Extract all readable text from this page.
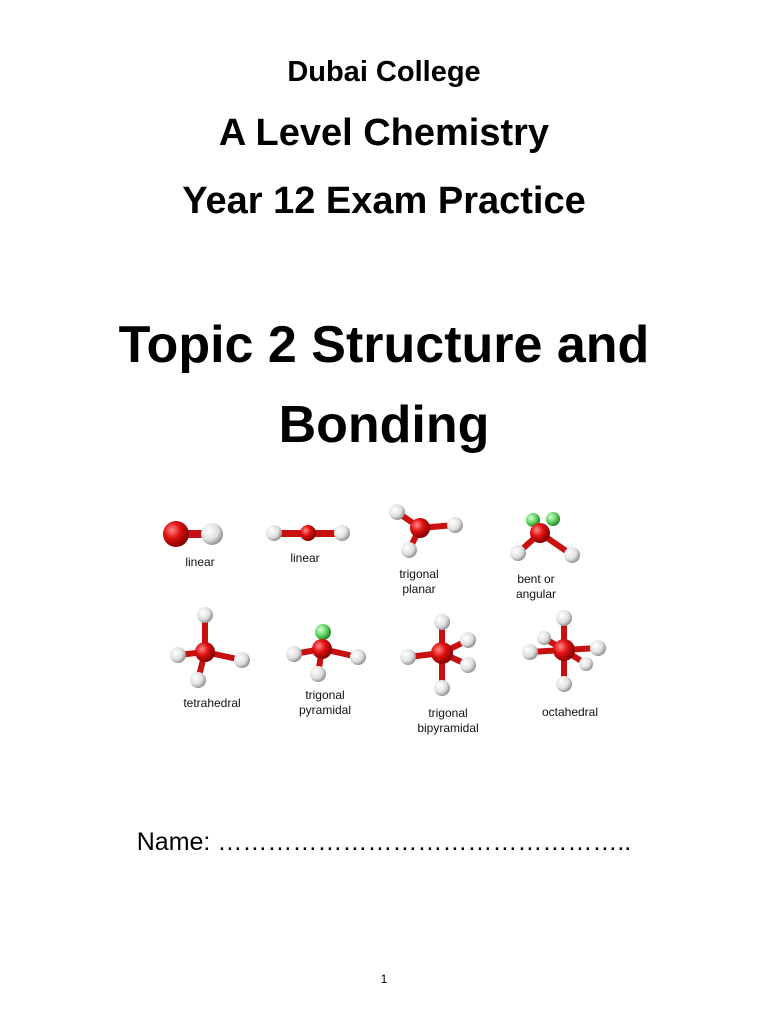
Dubai College
A Level Chemistry
Year 12 Exam Practice
Topic 2 Structure and
Bonding
linear	linear
trigonal planar
bent or angular
tetrahedral
trigonal pyramidal	trigonal bipyramidal
octahedral
Name: …………………………………………..
1
